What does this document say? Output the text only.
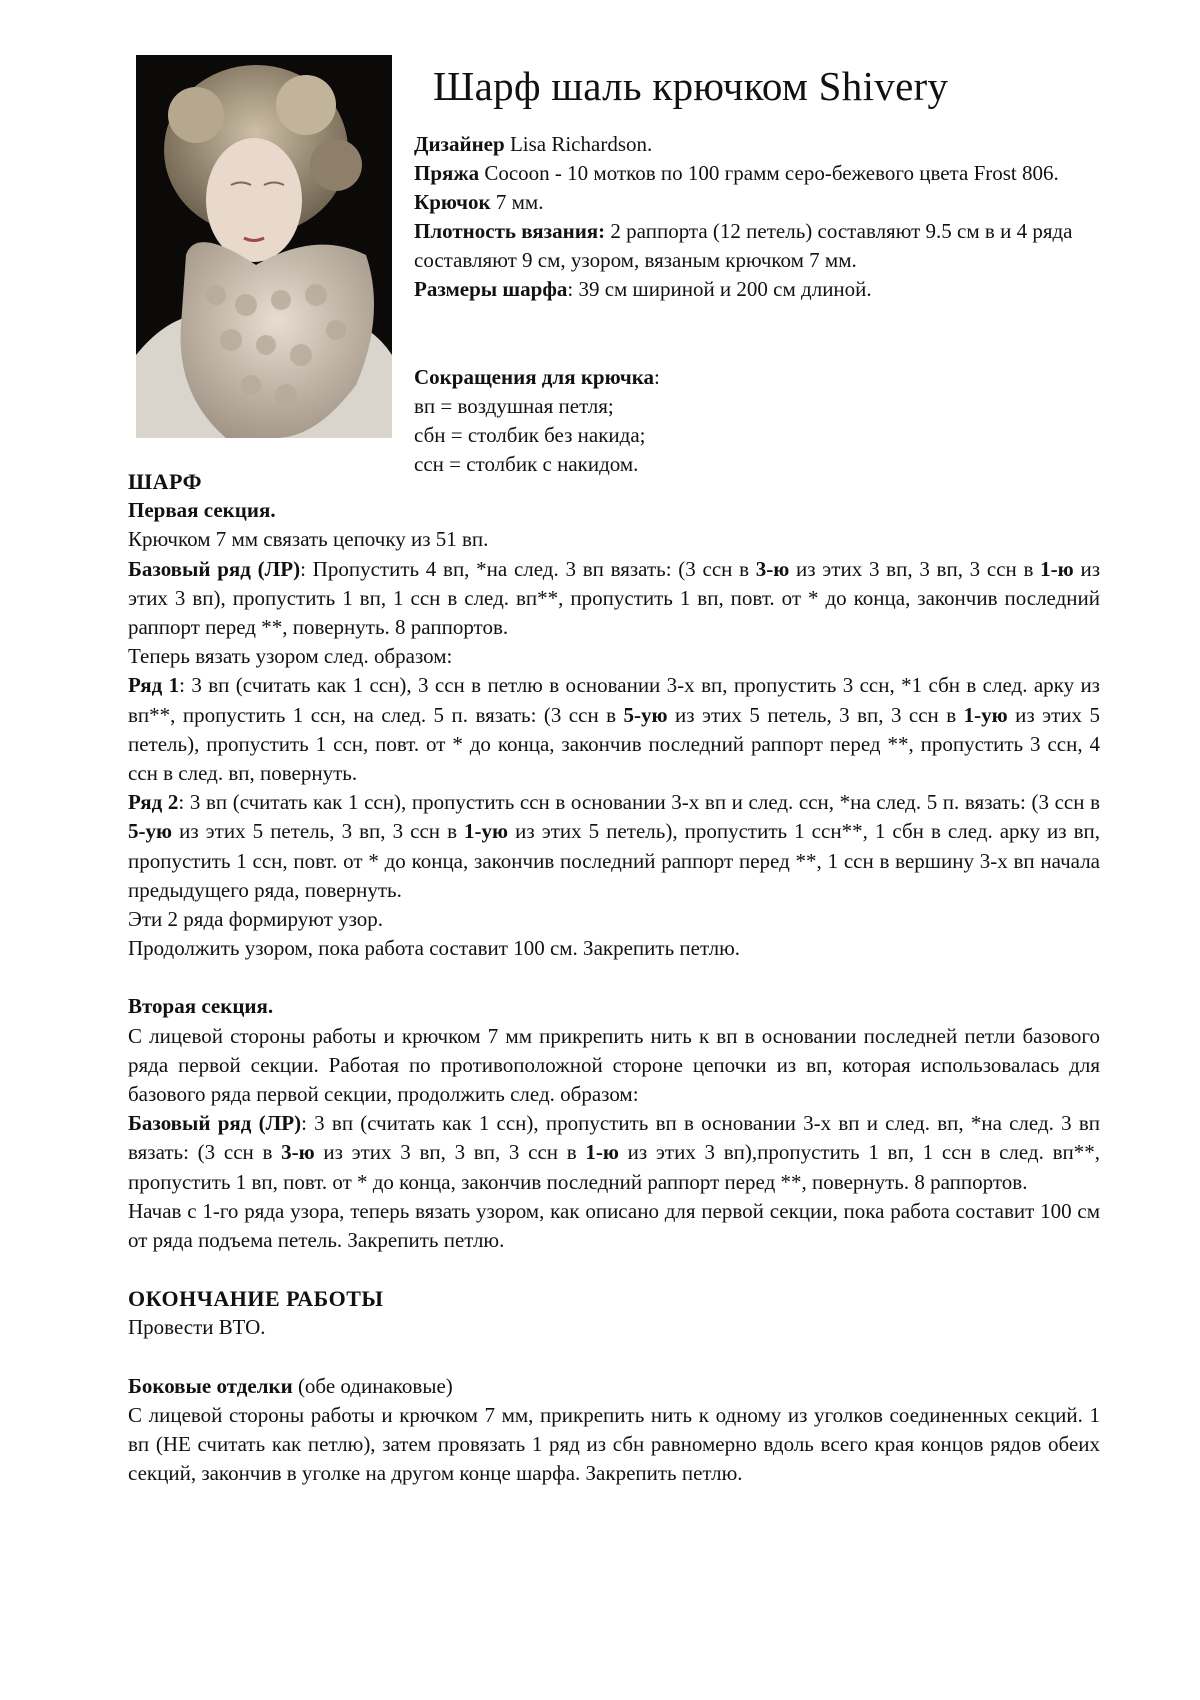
Шарф шаль крючком Shivery

Дизайнер Lisa Richardson.

Пряжа Cocoon - 10 мотков по 100 грамм серо-бежевого цвета Frost 806.

Крючок 7 мм.

Плотность вязания: 2 раппорта (12 петель) составляют 9.5 см в и 4 ряда составляют 9 см, узором, вязаным крючком 7 мм.

Размеры шарфа: 39 см шириной и 200 см длиной.

Сокращения для крючка:

вп = воздушная петля;

сбн = столбик без накида;

ссн = столбик с накидом.

ШАРФ

Первая секция.

Крючком 7 мм связать цепочку из 51 вп.

Базовый ряд (ЛР): Пропустить 4 вп, *на след. 3 вп вязать: (3 ссн в 3-ю из этих 3 вп, 3 вп, 3 ссн в 1-ю из этих 3 вп), пропустить 1 вп, 1 ссн в след. вп**, пропустить 1 вп, повт. от * до конца, закончив последний раппорт перед **, повернуть. 8 раппортов.

Теперь вязать узором след. образом:

Ряд 1: 3 вп (считать как 1 ссн), 3 ссн в петлю в основании 3-х вп, пропустить 3 ссн, *1 сбн в след. арку из вп**, пропустить 1 ссн, на след. 5 п. вязать: (3 ссн в 5-ую из этих 5 петель, 3 вп, 3 ссн в 1-ую из этих 5 петель), пропустить 1 ссн, повт. от * до конца, закончив последний раппорт перед **, пропустить 3 ссн, 4 ссн в след. вп, повернуть.

Ряд 2: 3 вп (считать как 1 ссн), пропустить ссн в основании 3-х вп и след. ссн, *на след. 5 п. вязать: (3 ссн в 5-ую из этих 5 петель, 3 вп, 3 ссн в 1-ую из этих 5 петель), пропустить 1 ссн**, 1 сбн в след. арку из вп, пропустить 1 ссн, повт. от * до конца, закончив последний раппорт перед **, 1 ссн в вершину 3-х вп начала предыдущего ряда, повернуть.

Эти 2 ряда формируют узор.

Продолжить узором, пока работа составит 100 см. Закрепить петлю.

Вторая секция.

С лицевой стороны работы и крючком 7 мм прикрепить нить к вп в основании последней петли базового ряда первой секции. Работая по противоположной стороне цепочки из вп, которая использовалась для базового ряда первой секции, продолжить след. образом:

Базовый ряд (ЛР): 3 вп (считать как 1 ссн), пропустить вп в основании 3-х вп и след. вп, *на след. 3 вп вязать: (3 ссн в 3-ю из этих 3 вп, 3 вп, 3 ссн в 1-ю из этих 3 вп),пропустить 1 вп, 1 ссн в след. вп**, пропустить 1 вп, повт. от * до конца, закончив последний раппорт перед **, повернуть. 8 раппортов.

Начав с 1-го ряда узора, теперь вязать узором, как описано для первой секции, пока работа составит 100 см от ряда подъема петель. Закрепить петлю.

ОКОНЧАНИЕ РАБОТЫ

Провести ВТО.

Боковые отделки (обе одинаковые)

С лицевой стороны работы и крючком 7 мм, прикрепить нить к одному из уголков соединенных секций. 1 вп (НЕ считать как петлю), затем провязать 1 ряд из сбн равномерно вдоль всего края концов рядов обеих секций, закончив в уголке на другом конце шарфа. Закрепить петлю.
